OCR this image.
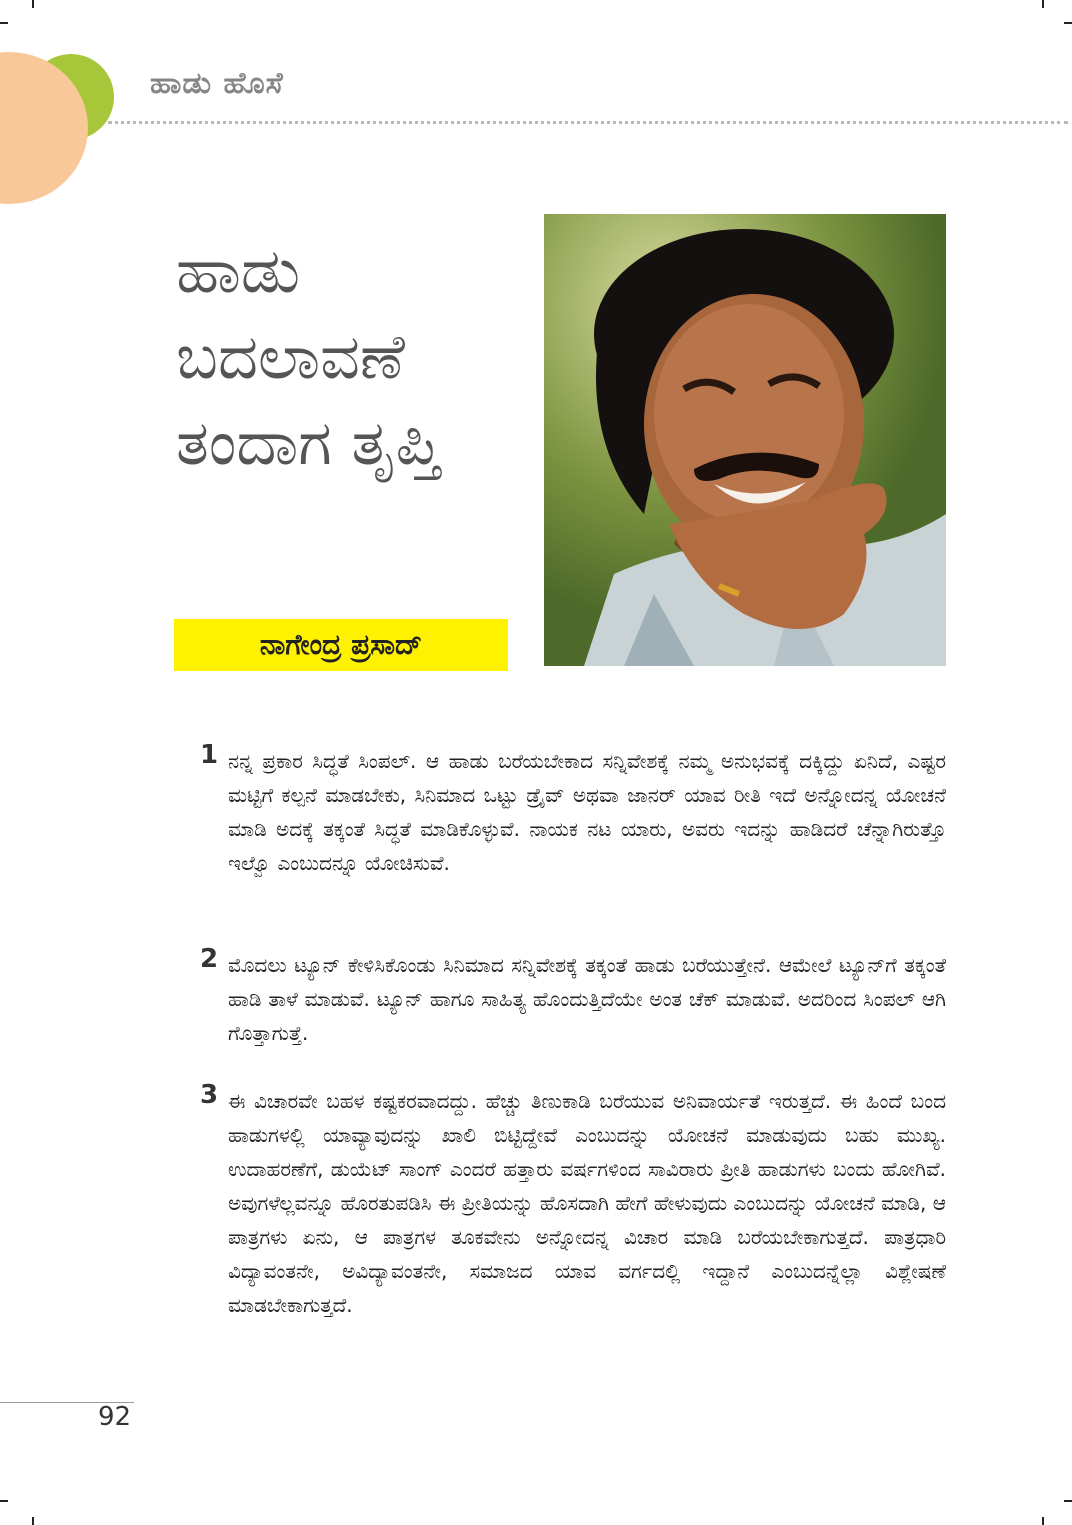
ಹಾಡು ಹೊಸೆ
ಹಾಡು
ಬದಲಾವಣೆ
ತಂದಾಗ ತೃಪ್ತಿ
ನಾಗೇಂದ್ರ ಪ್ರಸಾದ್
1 ನನ್ನ ಪ್ರಕಾರ ಸಿದ್ಧತೆ ಸಿಂಪಲ್. ಆ ಹಾಡು ಬರೆಯಬೇಕಾದ ಸನ್ನಿವೇಶಕ್ಕೆ ನಮ್ಮ ಅನುಭವಕ್ಕೆ ದಕ್ಕಿದ್ದು ಏನಿದೆ, ಎಷ್ಟರ ಮಟ್ಟಿಗೆ ಕಲ್ಪನೆ ಮಾಡಬೇಕು, ಸಿನಿಮಾದ ಒಟ್ಟು ಡ್ರೈವ್ ಅಥವಾ ಜಾನರ್ ಯಾವ ರೀತಿ ಇದೆ ಅನ್ನೋದನ್ನ ಯೋಚನೆ ಮಾಡಿ ಅದಕ್ಕೆ ತಕ್ಕಂತೆ ಸಿದ್ಧತೆ ಮಾಡಿಕೊಳ್ಳುವೆ. ನಾಯಕ ನಟ ಯಾರು, ಅವರು ಇದನ್ನು ಹಾಡಿದರೆ ಚೆನ್ನಾಗಿರುತ್ತೊ ಇಲ್ವೊ ಎಂಬುದನ್ನೂ ಯೋಚಿಸುವೆ.
2 ಮೊದಲು ಟ್ಯೂನ್ ಕೇಳಿಸಿಕೊಂಡು ಸಿನಿಮಾದ ಸನ್ನಿವೇಶಕ್ಕೆ ತಕ್ಕಂತೆ ಹಾಡು ಬರೆಯುತ್ತೇನೆ. ಆಮೇಲೆ ಟ್ಯೂನ್‌ಗೆ ತಕ್ಕಂತೆ ಹಾಡಿ ತಾಳೆ ಮಾಡುವೆ. ಟ್ಯೂನ್ ಹಾಗೂ ಸಾಹಿತ್ಯ ಹೊಂದುತ್ತಿದೆಯೇ ಅಂತ ಚೆಕ್ ಮಾಡುವೆ. ಅದರಿಂದ ಸಿಂಪಲ್ ಆಗಿ ಗೊತ್ತಾಗುತ್ತೆ.
3 ಈ ವಿಚಾರವೇ ಬಹಳ ಕಷ್ಟಕರವಾದದ್ದು. ಹೆಚ್ಚು ತಿಣುಕಾಡಿ ಬರೆಯುವ ಅನಿವಾರ್ಯತೆ ಇರುತ್ತದೆ. ಈ ಹಿಂದೆ ಬಂದ ಹಾಡುಗಳಲ್ಲಿ ಯಾವ್ಯಾವುದನ್ನು ಖಾಲಿ ಬಿಟ್ಟಿದ್ದೇವೆ ಎಂಬುದನ್ನು ಯೋಚನೆ ಮಾಡುವುದು ಬಹು ಮುಖ್ಯ. ಉದಾಹರಣೆಗೆ, ಡುಯೆಟ್ ಸಾಂಗ್ ಎಂದರೆ ಹತ್ತಾರು ವರ್ಷಗಳಿಂದ ಸಾವಿರಾರು ಪ್ರೀತಿ ಹಾಡುಗಳು ಬಂದು ಹೋಗಿವೆ. ಅವುಗಳೆಲ್ಲವನ್ನೂ ಹೊರತುಪಡಿಸಿ ಈ ಪ್ರೀತಿಯನ್ನು ಹೊಸದಾಗಿ ಹೇಗೆ ಹೇಳುವುದು ಎಂಬುದನ್ನು ಯೋಚನೆ ಮಾಡಿ, ಆ ಪಾತ್ರಗಳು ಏನು, ಆ ಪಾತ್ರಗಳ ತೂಕವೇನು ಅನ್ನೋದನ್ನ ವಿಚಾರ ಮಾಡಿ ಬರೆಯಬೇಕಾಗುತ್ತದೆ. ಪಾತ್ರಧಾರಿ ವಿದ್ಯಾವಂತನೇ, ಅವಿದ್ಯಾವಂತನೇ, ಸಮಾಜದ ಯಾವ ವರ್ಗದಲ್ಲಿ ಇದ್ದಾನೆ ಎಂಬುದನ್ನೆಲ್ಲಾ ವಿಶ್ಲೇಷಣೆ ಮಾಡಬೇಕಾಗುತ್ತದೆ.
92
